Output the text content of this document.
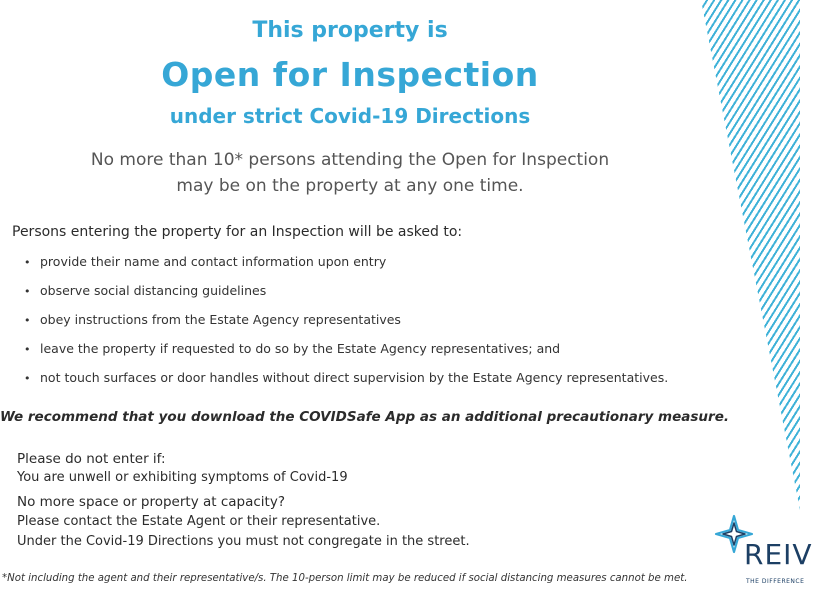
This property is
Open for Inspection
under strict Covid-19 Directions
No more than 10* persons attending the Open for Inspection
may be on the property at any one time.
Persons entering the property for an Inspection will be asked to:
• provide their name and contact information upon entry
• observe social distancing guidelines
• obey instructions from the Estate Agency representatives
• leave the property if requested to do so by the Estate Agency representatives; and
• not touch surfaces or door handles without direct supervision by the Estate Agency representatives.
We recommend that you download the COVIDSafe App as an additional precautionary measure.
Please do not enter if:
You are unwell or exhibiting symptoms of Covid-19
No more space or property at capacity?
Please contact the Estate Agent or their representative.
Under the Covid-19 Directions you must not congregate in the street.
*Not including the agent and their representative/s. The 10-person limit may be reduced if social distancing measures cannot be met.
REIV
THE DIFFERENCE
